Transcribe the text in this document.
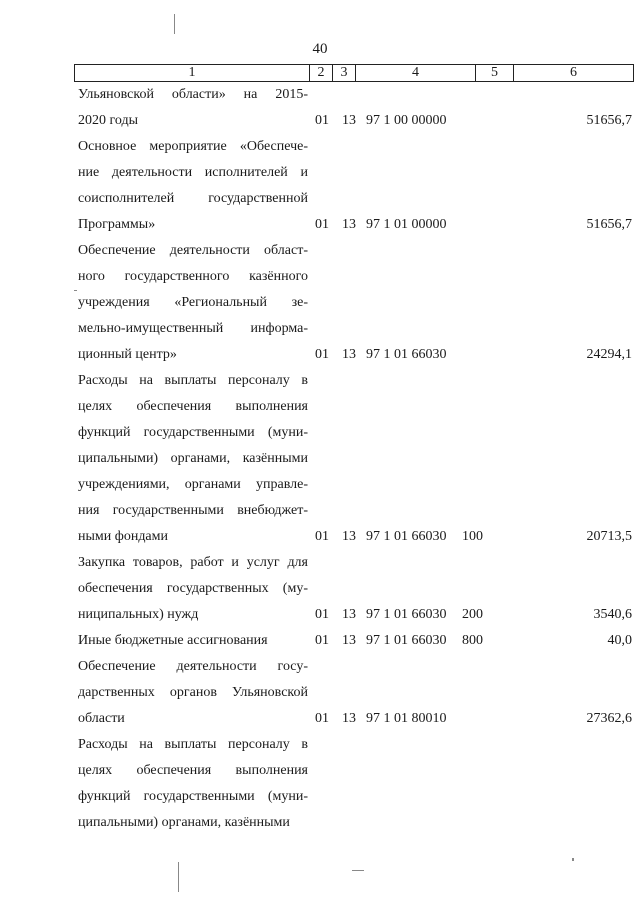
40
1	2	3	4	5	6
Ульяновской области» на 2015-
2020 годы	01 13 97 1 00 00000	51656,7
Основное мероприятие «Обеспече-
ние деятельности исполнителей и
соисполнителей государственной
Программы»	01 13 97 1 01 00000	51656,7
Обеспечение деятельности област-
ного государственного казённого
учреждения «Региональный зе-
мельно-имущественный информа-
ционный центр»	01 13 97 1 01 66030	24294,1
Расходы на выплаты персоналу в
целях обеспечения выполнения
функций государственными (муни-
ципальными) органами, казёнными
учреждениями, органами управле-
ния государственными внебюджет-
ными фондами	01 13 97 1 01 66030 100	20713,5
Закупка товаров, работ и услуг для
обеспечения государственных (му-
ниципальных) нужд	01 13 97 1 01 66030 200	3540,6
Иные бюджетные ассигнования	01 13 97 1 01 66030 800	40,0
Обеспечение деятельности госу-
дарственных органов Ульяновской
области	01 13 97 1 01 80010	27362,6
Расходы на выплаты персоналу в
целях обеспечения выполнения
функций государственными (муни-
ципальными) органами, казёнными
